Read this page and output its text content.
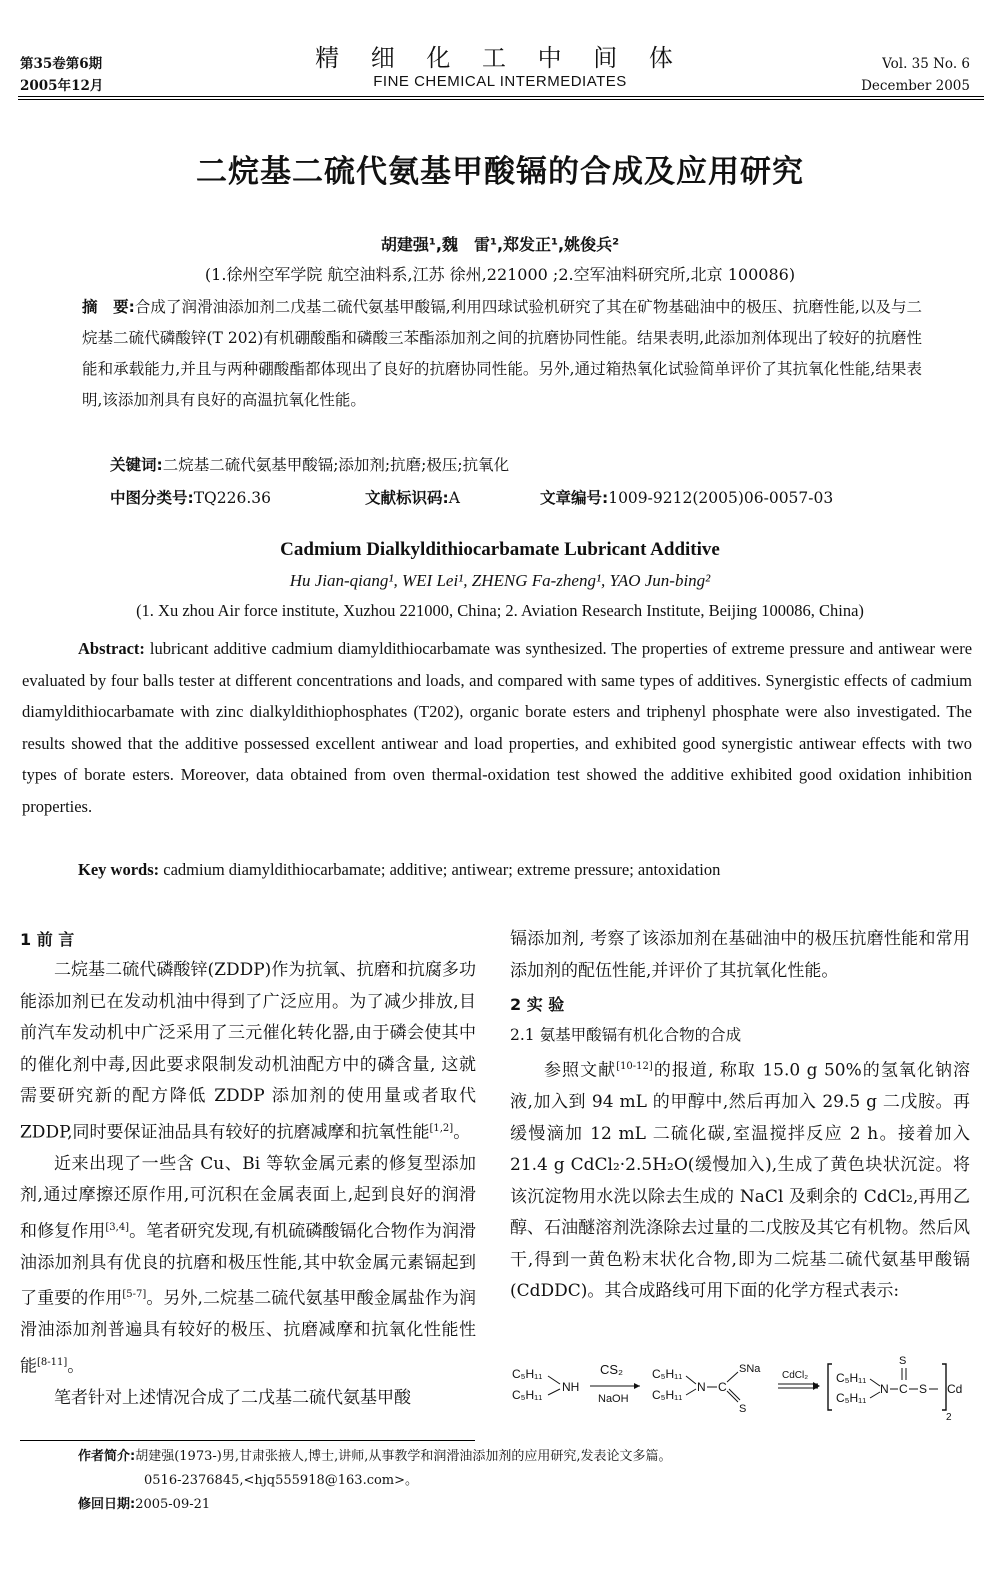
第35卷第6期
2005年12月
精 细 化 工 中 间 体
FINE CHEMICAL INTERMEDIATES
Vol. 35 No. 6
December 2005
二烷基二硫代氨基甲酸镉的合成及应用研究
胡建强¹,魏　雷¹,郑发正¹,姚俊兵²
(1.徐州空军学院 航空油料系,江苏 徐州,221000 ;2.空军油料研究所,北京 100086)
摘　要:合成了润滑油添加剂二戊基二硫代氨基甲酸镉,利用四球试验机研究了其在矿物基础油中的极压、抗磨性能,以及与二烷基二硫代磷酸锌(T 202)有机硼酸酯和磷酸三苯酯添加剂之间的抗磨协同性能。结果表明,此添加剂体现出了较好的抗磨性能和承载能力,并且与两种硼酸酯都体现出了良好的抗磨协同性能。另外,通过箱热氧化试验简单评价了其抗氧化性能,结果表明,该添加剂具有良好的高温抗氧化性能。
关键词:二烷基二硫代氨基甲酸镉;添加剂;抗磨;极压;抗氧化
中图分类号:TQ226.36	文献标识码:A	文章编号:1009-9212(2005)06-0057-03
Cadmium Dialkyldithiocarbamate Lubricant Additive
Hu Jian-qiang¹, WEI Lei¹, ZHENG Fa-zheng¹, YAO Jun-bing²
(1. Xu zhou Air force institute, Xuzhou 221000, China; 2. Aviation Research Institute, Beijing 100086, China)
Abstract: lubricant additive cadmium diamyldithiocarbamate was synthesized. The properties of extreme pressure and antiwear were evaluated by four balls tester at different concentrations and loads, and compared with same types of additives. Synergistic effects of cadmium diamyldithiocarbamate with zinc dialkyldithiophosphates (T202), organic borate esters and triphenyl phosphate were also investigated. The results showed that the additive possessed excellent antiwear and load properties, and exhibited good synergistic antiwear effects with two types of borate esters. Moreover, data obtained from oven thermal-oxidation test showed the additive exhibited good oxidation inhibition properties.
Key words: cadmium diamyldithiocarbamate; additive; antiwear; extreme pressure; antoxidation
1 前 言

二烷基二硫代磷酸锌(ZDDP)作为抗氧、抗磨和抗腐多功能添加剂已在发动机油中得到了广泛应用。为了减少排放,目前汽车发动机中广泛采用了三元催化转化器,由于磷会使其中的催化剂中毒,因此要求限制发动机油配方中的磷含量, 这就需要研究新的配方降低 ZDDP 添加剂的使用量或者取代 ZDDP,同时要保证油品具有较好的抗磨减摩和抗氧性能[1,2]。

近来出现了一些含 Cu、Bi 等软金属元素的修复型添加剂,通过摩擦还原作用,可沉积在金属表面上,起到良好的润滑和修复作用[3,4]。笔者研究发现,有机硫磷酸镉化合物作为润滑油添加剂具有优良的抗磨和极压性能,其中软金属元素镉起到了重要的作用[5-7]。另外,二烷基二硫代氨基甲酸金属盐作为润滑油添加剂普遍具有较好的极压、抗磨减摩和抗氧化性能性能[8-11]。

笔者针对上述情况合成了二戊基二硫代氨基甲酸

镉添加剂, 考察了该添加剂在基础油中的极压抗磨性能和常用添加剂的配伍性能,并评价了其抗氧化性能。

2 实 验
2.1 氨基甲酸镉有机化合物的合成

参照文献[10-12]的报道, 称取 15.0 g 50%的氢氧化钠溶液,加入到 94 mL 的甲醇中,然后再加入 29.5 g 二戊胺。再缓慢滴加 12 mL 二硫化碳,室温搅拌反应 2 h。接着加入 21.4 g CdCl₂·2.5H₂O(缓慢加入),生成了黄色块状沉淀。将该沉淀物用水洗以除去生成的 NaCl 及剩余的 CdCl₂,再用乙醇、石油醚溶剂洗涤除去过量的二戊胺及其它有机物。然后风干,得到一黄色粉末状化合物,即为二烷基二硫代氨基甲酸镉(CdDDC)。其合成路线可用下面的化学方程式表示:

C₅H₁₁
C₅H₁₁
NH
CS₂
NaOH
C₅H₁₁
C₅H₁₁
N C
SNa
S
CdCl₂ C₅H₁₁
C₅H₁₁
N C
S
S Cd
2
作者简介:胡建强(1973-)男,甘肃张掖人,博士,讲师,从事教学和润滑油添加剂的应用研究,发表论文多篇。
0516-2376845,<hjq555918@163.com>。
修回日期:2005-09-21
